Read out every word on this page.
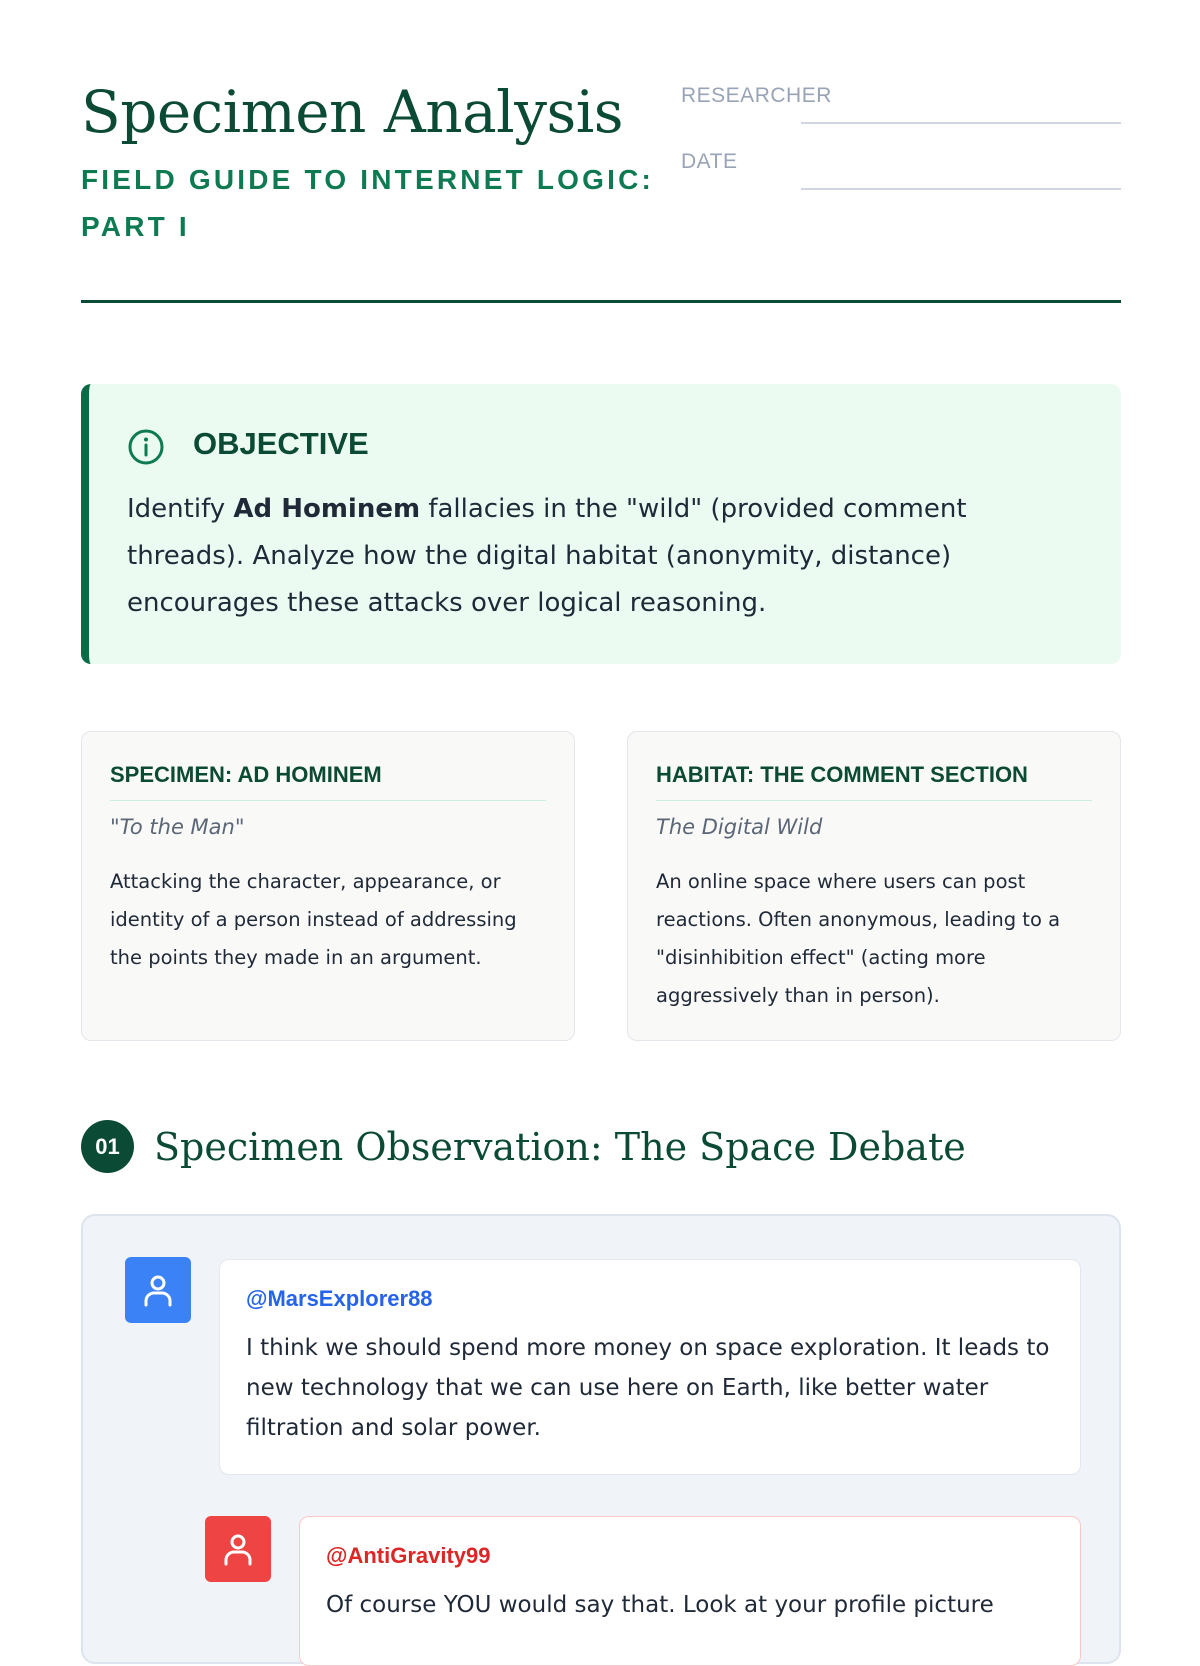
Specimen Analysis
FIELD GUIDE TO INTERNET LOGIC: PART I
RESEARCHER
DATE
OBJECTIVE

Identify Ad Hominem fallacies in the "wild" (provided comment threads). Analyze how the digital habitat (anonymity, distance) encourages these attacks over logical reasoning.

SPECIMEN: AD HOMINEM
"To the Man"

Attacking the character, appearance, or identity of a person instead of addressing the points they made in an argument.

HABITAT: THE COMMENT SECTION
The Digital Wild

An online space where users can post reactions. Often anonymous, leading to a "disinhibition effect" (acting more aggressively than in person).

01 Specimen Observation: The Space Debate
@MarsExplorer88

I think we should spend more money on space exploration. It leads to new technology that we can use here on Earth, like better water filtration and solar power.

@AntiGravity99

Of course YOU would say that. Look at your profile picture
